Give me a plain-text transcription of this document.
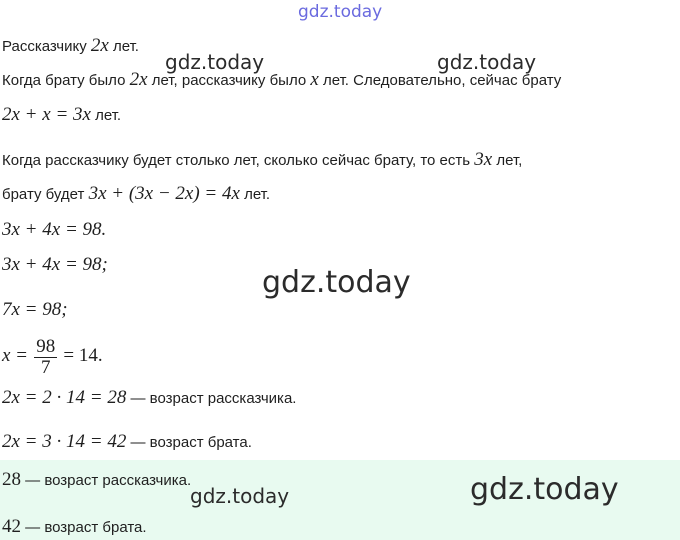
gdz.today
gdz.today	gdz.today
Рассказчику 2x лет.
Когда брату было 2x лет, рассказчику было x лет. Следовательно, сейчас брату
2x + x = 3x лет.
Когда рассказчику будет столько лет, сколько сейчас брату, то есть 3x лет,
брату будет 3x + (3x − 2x) = 4x лет.
3x + 4x = 98.
3x + 4x = 98;
gdz.today
7x = 98;
$x = \frac{98}{7} = 14$.
2x = 2 · 14 = 28 — возраст рассказчика.
2x = 3 · 14 = 42 — возраст брата.
28 — возраст рассказчика.
gdz.today	gdz.today
42 — возраст брата.
